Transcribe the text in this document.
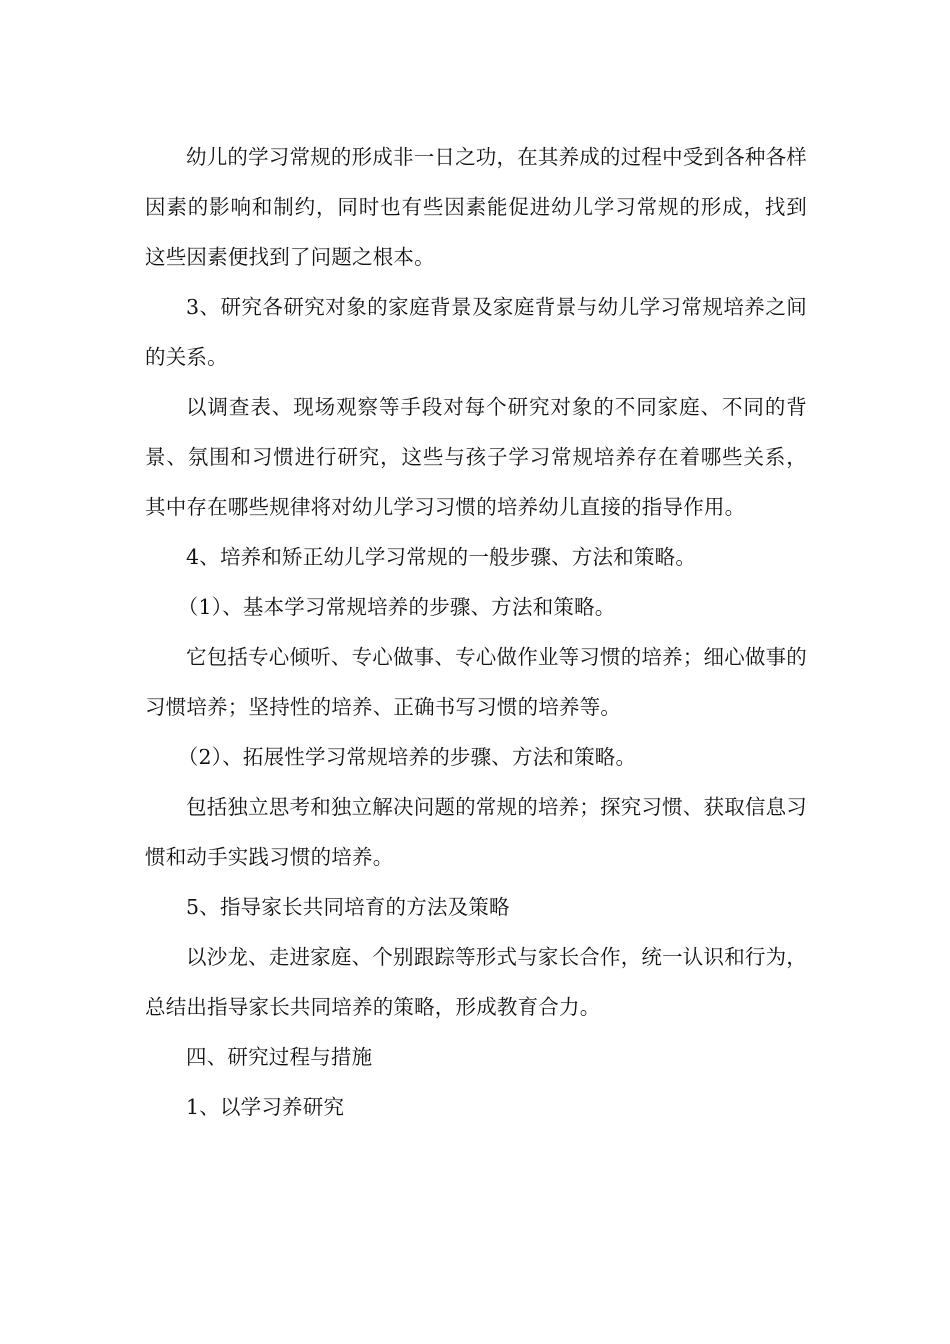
幼儿的学习常规的形成非一日之功，在其养成的过程中受到各种各样因素的影响和制约，同时也有些因素能促进幼儿学习常规的形成，找到这些因素便找到了问题之根本。

3、研究各研究对象的家庭背景及家庭背景与幼儿学习常规培养之间的关系。

以调查表、现场观察等手段对每个研究对象的不同家庭、不同的背景、氛围和习惯进行研究，这些与孩子学习常规培养存在着哪些关系，其中存在哪些规律将对幼儿学习习惯的培养幼儿直接的指导作用。

4、培养和矫正幼儿学习常规的一般步骤、方法和策略。

（1）、基本学习常规培养的步骤、方法和策略。

它包括专心倾听、专心做事、专心做作业等习惯的培养；细心做事的习惯培养；坚持性的培养、正确书写习惯的培养等。

（2）、拓展性学习常规培养的步骤、方法和策略。

包括独立思考和独立解决问题的常规的培养；探究习惯、获取信息习惯和动手实践习惯的培养。

5、指导家长共同培育的方法及策略

以沙龙、走进家庭、个别跟踪等形式与家长合作，统一认识和行为，总结出指导家长共同培养的策略，形成教育合力。

四、研究过程与措施

1、以学习养研究
